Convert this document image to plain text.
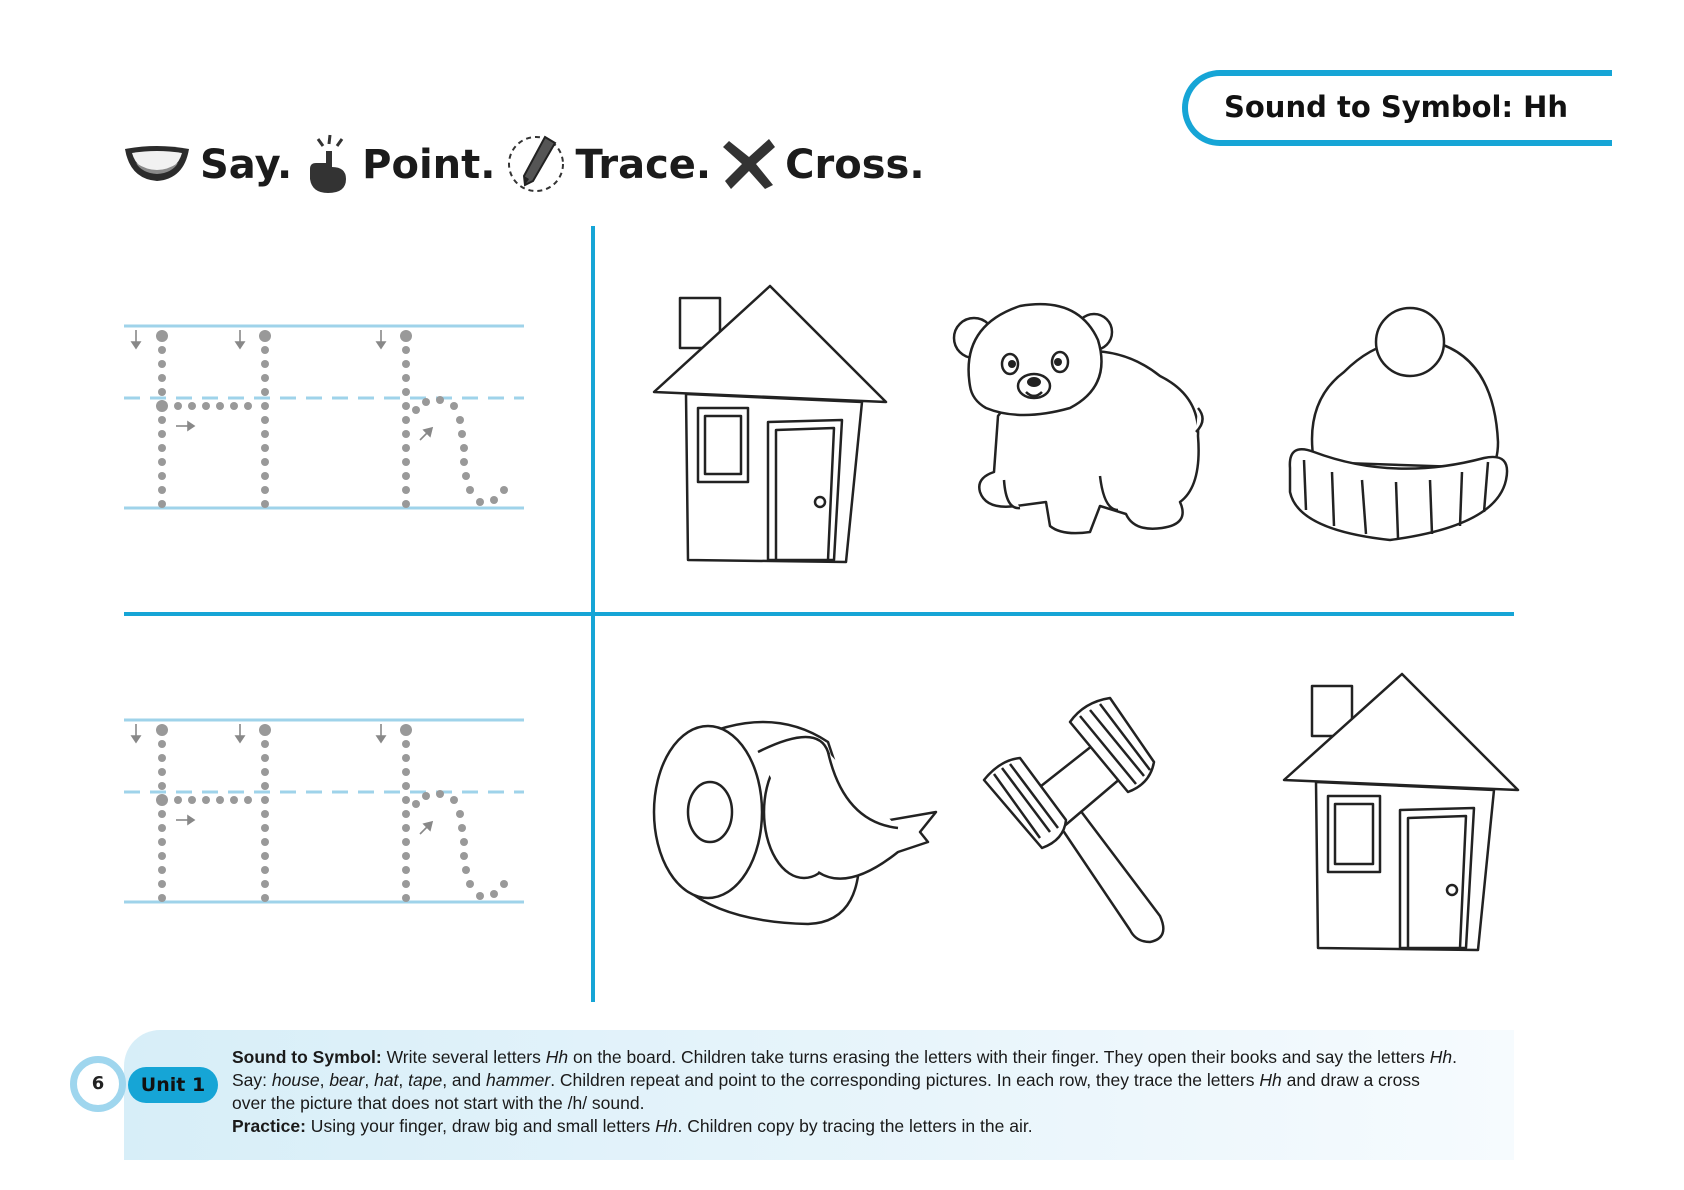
Sound to Symbol: Hh
Say. Point. Trace. Cross.
6	Unit 1
Sound to Symbol: Write several letters Hh on the board. Children take turns erasing the letters with their finger. They open their books and say the letters Hh.
Say: house, bear, hat, tape, and hammer. Children repeat and point to the corresponding pictures. In each row, they trace the letters Hh and draw a cross
over the picture that does not start with the /h/ sound.
Practice: Using your finger, draw big and small letters Hh. Children copy by tracing the letters in the air.
